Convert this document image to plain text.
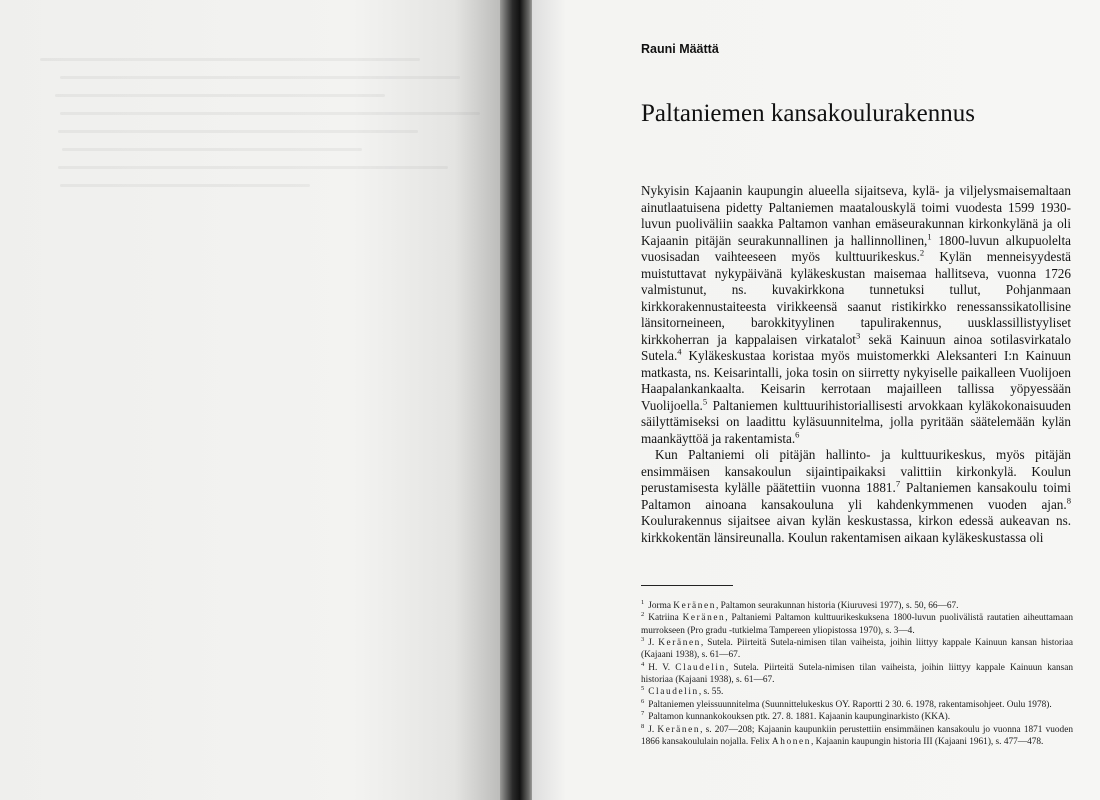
Rauni Määttä
Paltaniemen kansakoulurakennus

Nykyisin Kajaanin kaupungin alueella sijaitseva, kylä- ja viljelysmaisemaltaan ainutlaatuisena pidetty Paltaniemen maatalouskylä toimi vuodesta 1599 1930-luvun puoliväliin saakka Paltamon vanhan emäseurakunnan kirkonkylänä ja oli Kajaanin pitäjän seurakunnallinen ja hallinnollinen,$^1$ 1800-luvun alkupuolelta vuosisadan vaihteeseen myös kulttuurikeskus.$^2$ Kylän menneisyydestä muistuttavat nykypäivänä kyläkeskustan maisemaa hallitseva, vuonna 1726 valmistunut, ns. kuvakirkkona tunnetuksi tullut, Pohjanmaan kirkkorakennustaiteesta virikkeensä saanut ristikirkko renessanssikatollisine länsitorneineen, barokkityylinen tapulirakennus, uusklassillistyyliset kirkkoherran ja kappalaisen virkatalot$^3$ sekä Kainuun ainoa sotilasvirkatalo Sutela.$^4$ Kyläkeskustaa koristaa myös muistomerkki Aleksanteri I:n Kainuun matkasta, ns. Keisarintalli, joka tosin on siirretty nykyiselle paikalleen Vuolijoen Haapalankankaalta. Keisarin kerrotaan majailleen tallissa yöpyessään Vuolijoella.$^5$ Paltaniemen kulttuurihistoriallisesti arvokkaan kyläkokonaisuuden säilyttämiseksi on laadittu kyläsuunnitelma, jolla pyritään säätelemään kylän maankäyttöä ja rakentamista.$^6$

Kun Paltaniemi oli pitäjän hallinto- ja kulttuurikeskus, myös pitäjän ensimmäisen kansakoulun sijaintipaikaksi valittiin kirkonkylä. Koulun perustamisesta kylälle päätettiin vuonna 1881.$^7$ Paltaniemen kansakoulu toimi Paltamon ainoana kansakouluna yli kahdenkymmenen vuoden ajan.$^8$ Koulurakennus sijaitsee aivan kylän keskustassa, kirkon edessä aukeavan ns. kirkkokentän länsireunalla. Koulun rakentamisen aikaan kyläkeskustassa oli

$^1$ Jorma Keränen, Paltamon seurakunnan historia (Kiuruvesi 1977), s. 50, 66—67.

$^2$ Katriina Keränen, Paltaniemi Paltamon kulttuurikeskuksena 1800-luvun puolivälistä rautatien aiheuttamaan murrokseen (Pro gradu -tutkielma Tampereen yliopistossa 1970), s. 3—4.

$^3$ J. Keränen, Sutela. Piirteitä Sutela-nimisen tilan vaiheista, joihin liittyy kappale Kainuun kansan historiaa (Kajaani 1938), s. 61—67.

$^4$ H. V. Claudelin, Sutela. Piirteitä Sutela-nimisen tilan vaiheista, joihin liittyy kappale Kainuun kansan historiaa (Kajaani 1938), s. 61—67.

$^5$ Claudelin, s. 55.

$^6$ Paltaniemen yleissuunnitelma (Suunnittelukeskus OY. Raportti 2 30. 6. 1978, rakentamisohjeet. Oulu 1978).

$^7$ Paltamon kunnankokouksen ptk. 27. 8. 1881. Kajaanin kaupunginarkisto (KKA).

$^8$ J. Keränen, s. 207—208; Kajaanin kaupunkiin perustettiin ensimmäinen kansakoulu jo vuonna 1871 vuoden 1866 kansakoululain nojalla. Felix Ahonen, Kajaanin kaupungin historia III (Kajaani 1961), s. 477—478.
